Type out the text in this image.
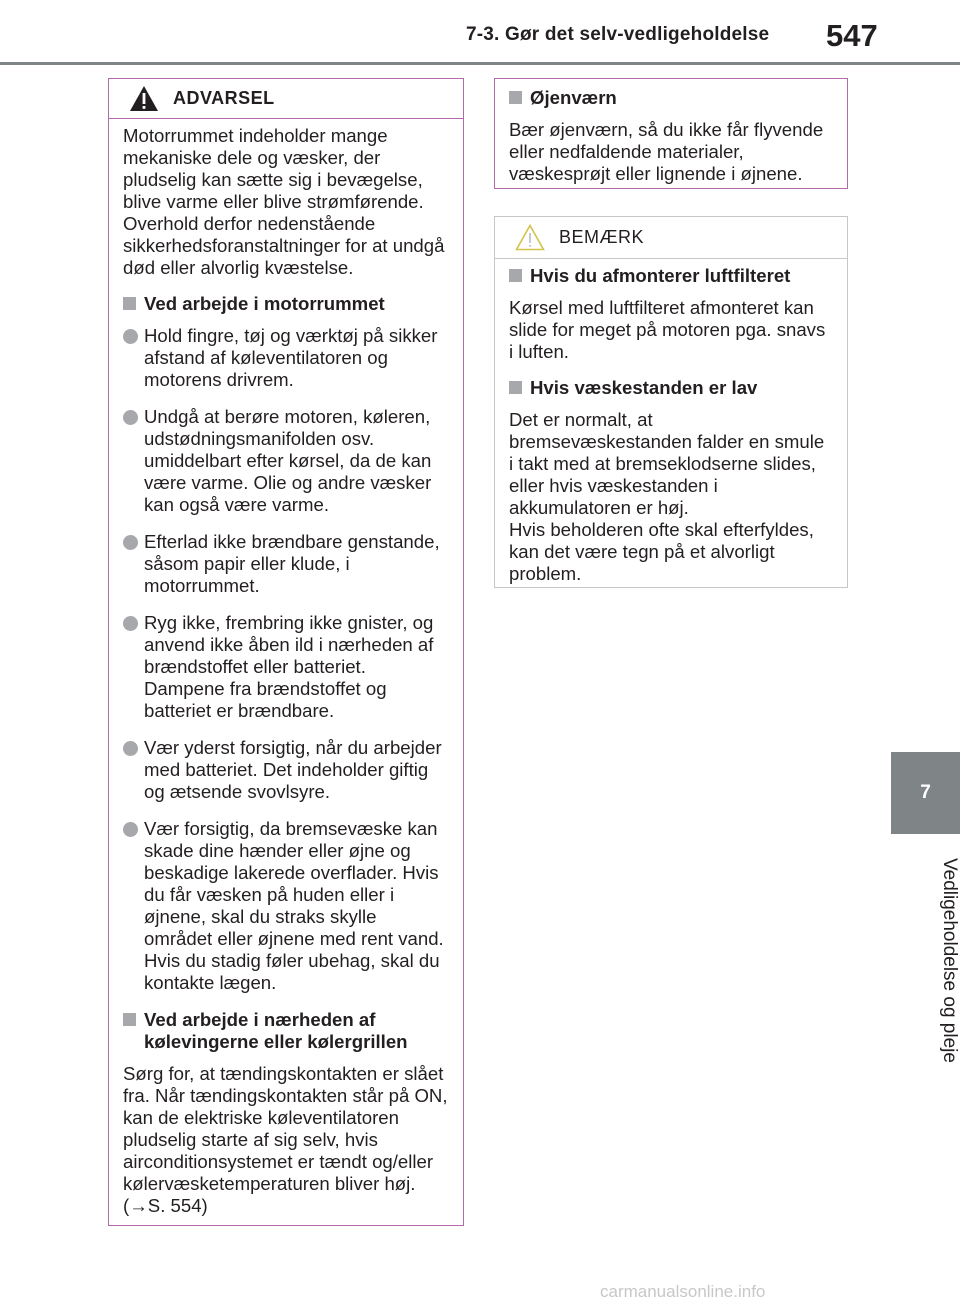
7-3. Gør det selv-vedligeholdelse 547
7
Vedligeholdelse og pleje
ADVARSEL

Motorrummet indeholder mange mekaniske dele og væsker, der pludselig kan sætte sig i bevægelse, blive varme eller blive strømførende. Overhold derfor nedenstående sikkerhedsforanstaltninger for at undgå død eller alvorlig kvæstelse.

Ved arbejde i motorrummet
Hold fingre, tøj og værktøj på sikker afstand af køleventilatoren og motorens drivrem.
Undgå at berøre motoren, køleren, udstødningsmanifolden osv. umiddelbart efter kørsel, da de kan være varme. Olie og andre væsker kan også være varme.
Efterlad ikke brændbare genstande, såsom papir eller klude, i motorrummet.
Ryg ikke, frembring ikke gnister, og anvend ikke åben ild i nærheden af brændstoffet eller batteriet. Dampene fra brændstoffet og batteriet er brændbare.
Vær yderst forsigtig, når du arbejder med batteriet. Det indeholder giftig og ætsende svovlsyre.
Vær forsigtig, da bremsevæske kan skade dine hænder eller øjne og beskadige lakerede overflader. Hvis du får væsken på huden eller i øjnene, skal du straks skylle området eller øjnene med rent vand. Hvis du stadig føler ubehag, skal du kontakte lægen.
Ved arbejde i nærheden af kølevingerne eller kølergrillen

Sørg for, at tændingskontakten er slået fra. Når tændingskontakten står på ON, kan de elektriske køleventilatoren pludselig starte af sig selv, hvis airconditionsystemet er tændt og/eller kølervæsketemperaturen bliver høj.
(→S. 554)

Øjenværn

Bær øjenværn, så du ikke får flyvende eller nedfaldende materialer, væskesprøjt eller lignende i øjnene.

BEMÆRK
Hvis du afmonterer luftfilteret

Kørsel med luftfilteret afmonteret kan slide for meget på motoren pga. snavs i luften.

Hvis væskestanden er lav

Det er normalt, at bremsevæskestanden falder en smule i takt med at bremseklodserne slides, eller hvis væskestanden i akkumulatoren er høj.
Hvis beholderen ofte skal efterfyldes, kan det være tegn på et alvorligt problem.

carmanualsonline.info
